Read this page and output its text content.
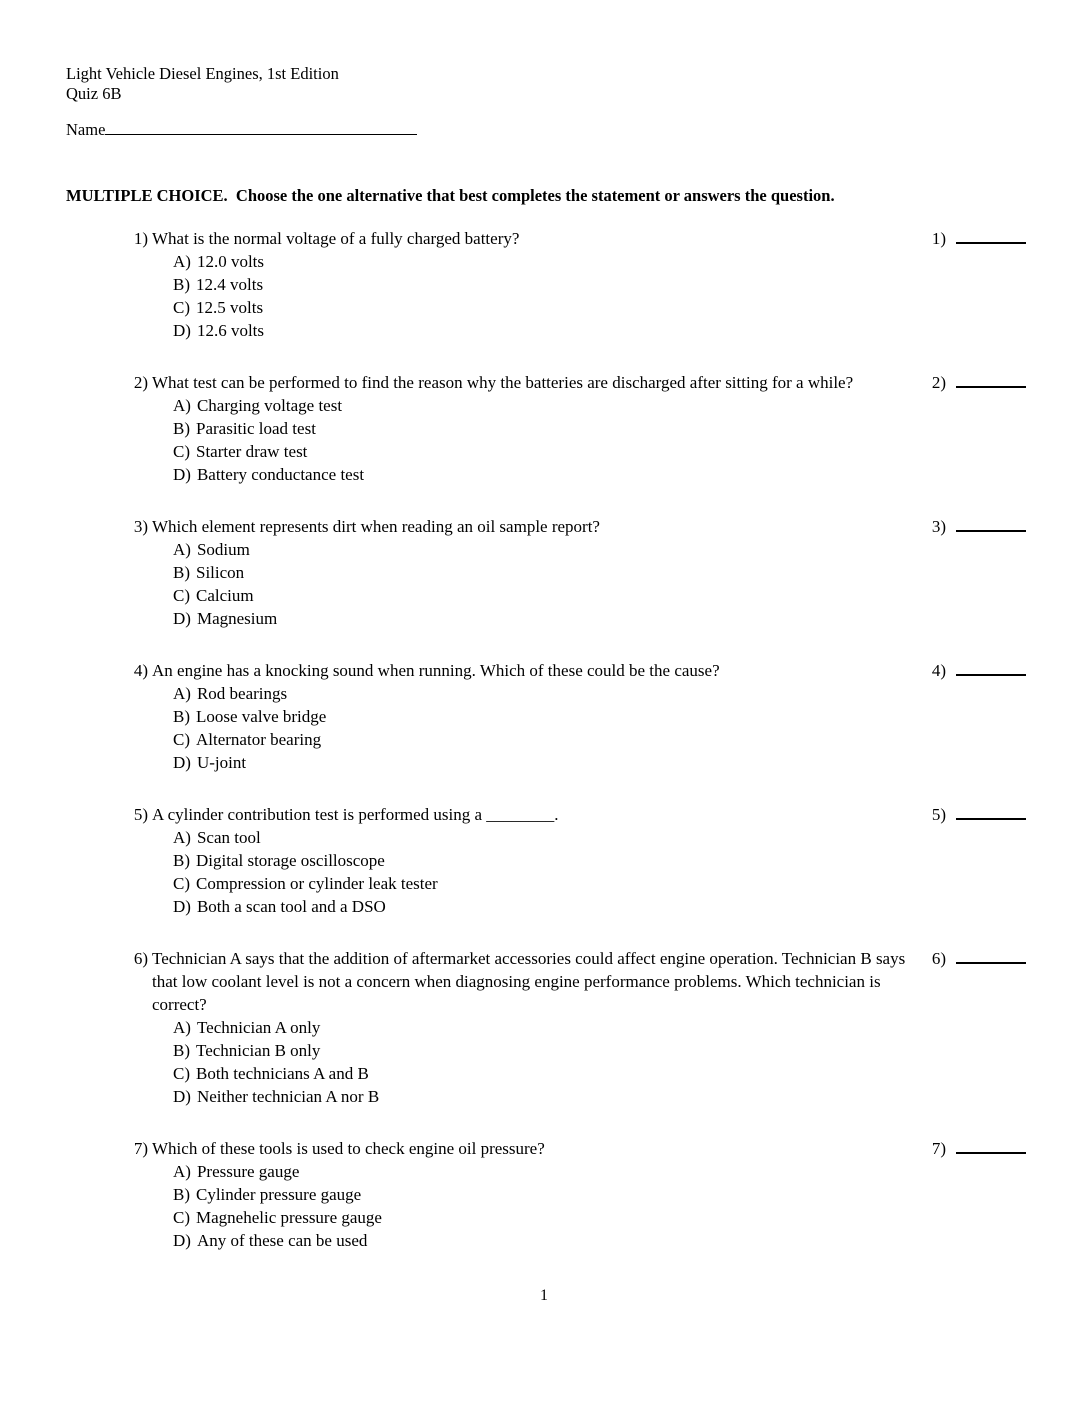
Light Vehicle Diesel Engines, 1st Edition
Quiz 6B
Name
MULTIPLE CHOICE.  Choose the one alternative that best completes the statement or answers the question.
1) What is the normal voltage of a fully charged battery?
A) 12.0 volts
B) 12.4 volts
C) 12.5 volts
D) 12.6 volts
1)
2) What test can be performed to find the reason why the batteries are discharged after sitting for a while?
A) Charging voltage test
B) Parasitic load test
C) Starter draw test
D) Battery conductance test
2)
3) Which element represents dirt when reading an oil sample report?
A) Sodium
B) Silicon
C) Calcium
D) Magnesium
3)
4) An engine has a knocking sound when running. Which of these could be the cause?
A) Rod bearings
B) Loose valve bridge
C) Alternator bearing
D) U-joint
4)
5) A cylinder contribution test is performed using a ________.
A) Scan tool
B) Digital storage oscilloscope
C) Compression or cylinder leak tester
D) Both a scan tool and a DSO
5)
6) Technician A says that the addition of aftermarket accessories could affect engine operation. Technician B says that low coolant level is not a concern when diagnosing engine performance problems. Which technician is correct?
A) Technician A only
B) Technician B only
C) Both technicians A and B
D) Neither technician A nor B
6)
7) Which of these tools is used to check engine oil pressure?
A) Pressure gauge
B) Cylinder pressure gauge
C) Magnehelic pressure gauge
D) Any of these can be used
7)
1
